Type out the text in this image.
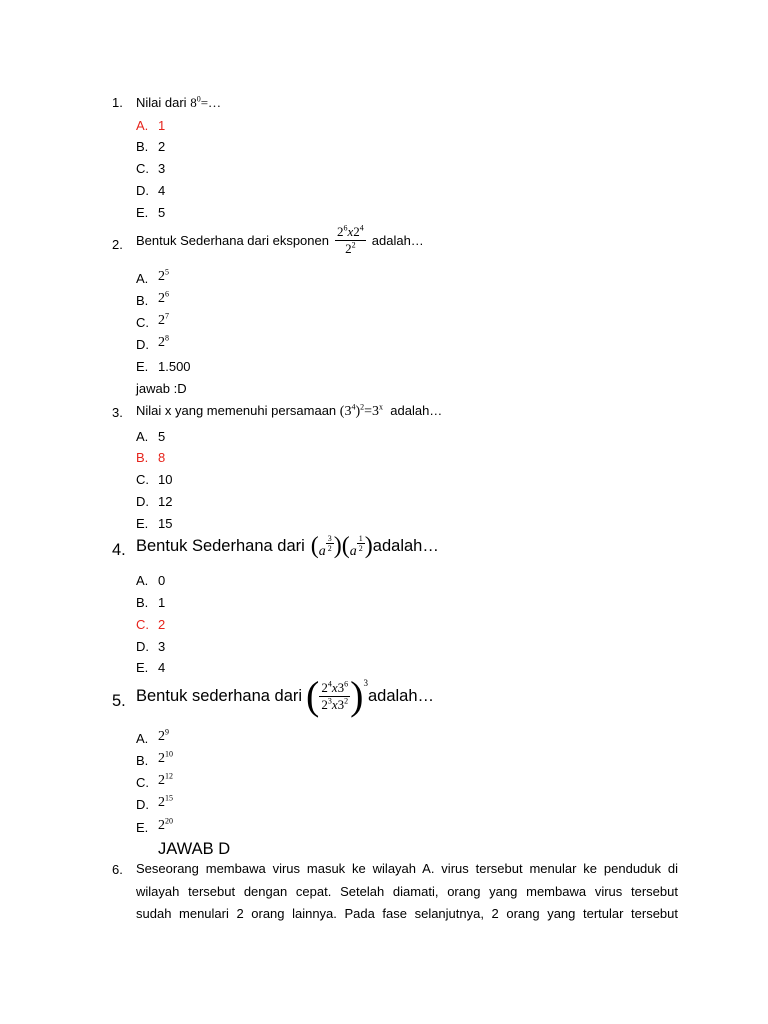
1. Nilai dari $8^0=\dots$
A. 1
B. 2
C. 3
D. 4
E. 5
2. Bentuk Sederhana dari eksponen $\frac{2^6x2^4}{2^2}$ adalah…
A. $2^5$
B. $2^6$
C. $2^7$
D. $2^8$
E. 1.500
jawab :D
3. Nilai x yang memenuhi persamaan $(3^4)^2=3^x$ adalah…
A. 5
B. 8
C. 10
D. 12
E. 15
4. Bentuk Sederhana dari ( a $\frac{3}{2}$ ) ( a $\frac{1}{2}$ ) adalah…
A. 0
B. 1
C. 2
D. 3
E. 4
5. Bentuk sederhana dari ( $\frac{2^4x3^6}{2^3x3^2}$ ) 3
adalah…
A. $2^9$
B. $2^{10}$
C. $2^{12}$
D. $2^{15}$
E. $2^{20}$
JAWAB D
6. Seseorang membawa virus masuk ke wilayah A. virus tersebut menular ke penduduk di
wilayah tersebut dengan cepat. Setelah diamati, orang yang membawa virus tersebut
sudah menulari 2 orang lainnya. Pada fase selanjutnya, 2 orang yang tertular tersebut
